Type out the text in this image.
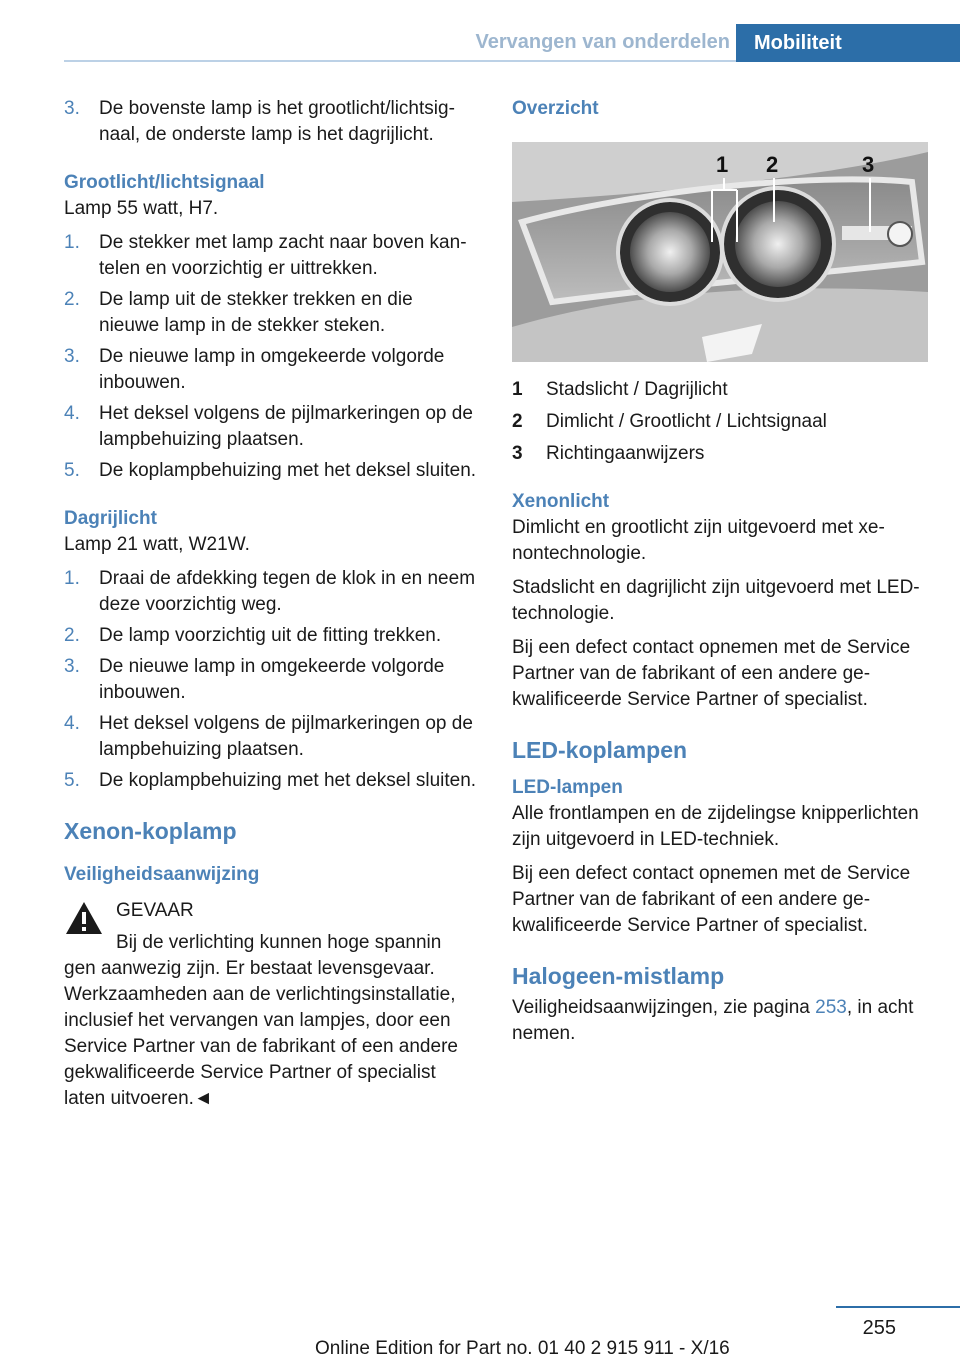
Vervangen van onderdelen	Mobiliteit
3. De bovenste lamp is het grootlicht/lichtsignaal, de onderste lamp is het dagrijlicht.
Grootlicht/lichtsignaal

Lamp 55 watt, H7.

1. De stekker met lamp zacht naar boven kantelen en voorzichtig er uittrekken.
2. De lamp uit de stekker trekken en die nieuwe lamp in de stekker steken.
3. De nieuwe lamp in omgekeerde volgorde inbouwen.
4. Het deksel volgens de pijlmarkeringen op de lampbehuizing plaatsen.
5. De koplampbehuizing met het deksel sluiten.
Dagrijlicht

Lamp 21 watt, W21W.

1. Draai de afdekking tegen de klok in en neem deze voorzichtig weg.
2. De lamp voorzichtig uit de fitting trekken.
3. De nieuwe lamp in omgekeerde volgorde inbouwen.
4. Het deksel volgens de pijlmarkeringen op de lampbehuizing plaatsen.
5. De koplampbehuizing met het deksel sluiten.
Xenon-koplamp
Veiligheidsaanwijzing

GEVAAR

Bij de verlichting kunnen hoge spannin

gen aanwezig zijn. Er bestaat levensgevaar. Werkzaamheden aan de verlichtingsinstallatie, inclusief het vervangen van lampjes, door een Service Partner van de fabrikant of een andere gekwalificeerde Service Partner of specialist laten uitvoeren.◄

Overzicht
1 2	3
1	Stadslicht / Dagrijlicht
2	Dimlicht / Grootlicht / Lichtsignaal
3	Richtingaanwijzers
Xenonlicht

Dimlicht en grootlicht zijn uitgevoerd met xenontechnologie.

Stadslicht en dagrijlicht zijn uitgevoerd met LED-technologie.

Bij een defect contact opnemen met de Service Partner van de fabrikant of een andere gekwalificeerde Service Partner of specialist.

LED-koplampen
LED-lampen

Alle frontlampen en de zijdelingse knipperlichten zijn uitgevoerd in LED-techniek.

Bij een defect contact opnemen met de Service Partner van de fabrikant of een andere gekwalificeerde Service Partner of specialist.

Halogeen-mistlamp

Veiligheidsaanwijzingen, zie pagina 253, in acht nemen.

255
Online Edition for Part no. 01 40 2 915 911 - X/16
